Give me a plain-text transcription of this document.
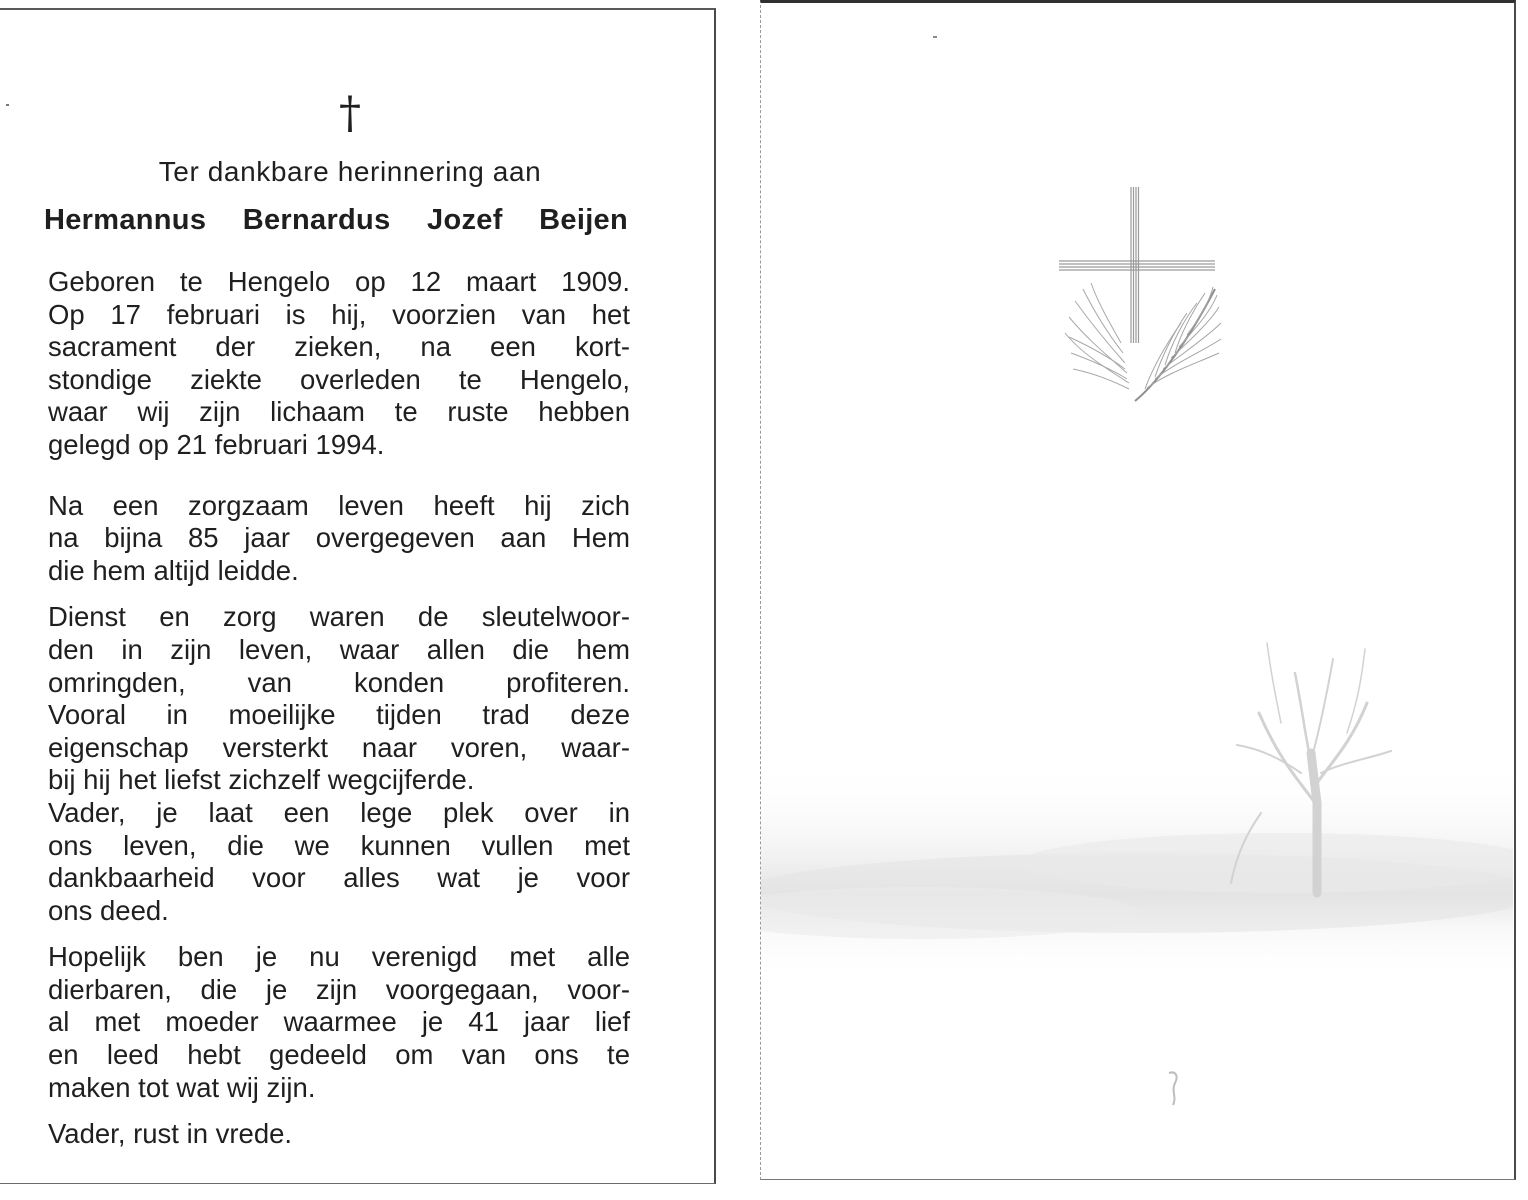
†
Ter dankbare herinnering aan
Hermannus Bernardus Jozef Beijen
Geboren te Hengelo op 12 maart 1909.
Op 17 februari is hij, voorzien van het
sacrament der zieken, na een kort-
stondige ziekte overleden te Hengelo,
waar wij zijn lichaam te ruste hebben
gelegd op 21 februari 1994.
Na een zorgzaam leven heeft hij zich
na bijna 85 jaar overgegeven aan Hem
die hem altijd leidde.
Dienst en zorg waren de sleutelwoor-
den in zijn leven, waar allen die hem
omringden, van konden profiteren.
Vooral in moeilijke tijden trad deze
eigenschap versterkt naar voren, waar-
bij hij het liefst zichzelf wegcijferde.
Vader, je laat een lege plek over in
ons leven, die we kunnen vullen met
dankbaarheid voor alles wat je voor
ons deed.
Hopelijk ben je nu verenigd met alle
dierbaren, die je zijn voorgegaan, voor-
al met moeder waarmee je 41 jaar lief
en leed hebt gedeeld om van ons te
maken tot wat wij zijn.
Vader, rust in vrede.
